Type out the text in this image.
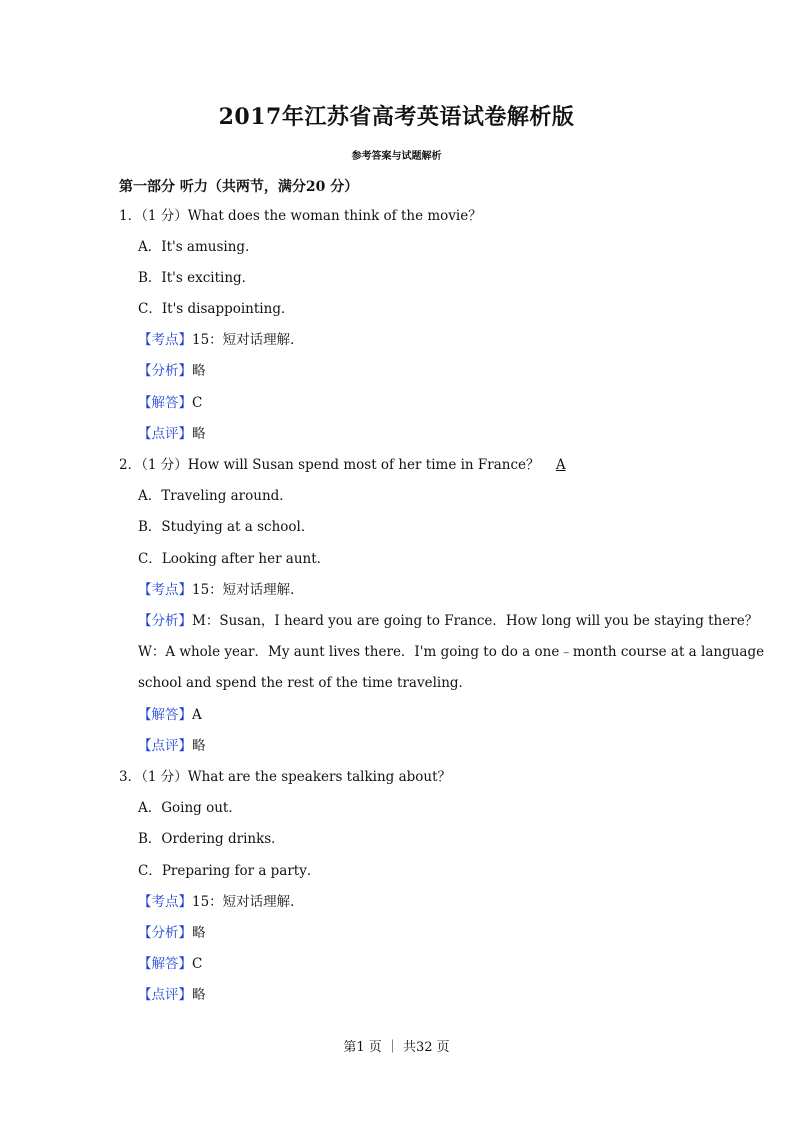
2017年江苏省高考英语试卷解析版
参考答案与试题解析
第一部分 听力（共两节，满分20 分）
1．（1 分）What does the woman think of the movie？
A．It's amusing．
B．It's exciting．
C．It's disappointing．
【考点】15：短对话理解．
【分析】略
【解答】C
【点评】略
2．（1 分）How will Susan spend most of her time in France？ A
A．Traveling around．
B．Studying at a school．
C．Looking after her aunt．
【考点】15：短对话理解．
【分析】M：Susan，I heard you are going to France．How long will you be staying there？
W：A whole year．My aunt lives there．I'm going to do a one﹣month course at a language
school and spend the rest of the time traveling．
【解答】A
【点评】略
3．（1 分）What are the speakers talking about？
A．Going out．
B．Ordering drinks．
C．Preparing for a party．
【考点】15：短对话理解．
【分析】略
【解答】C
【点评】略
第1 页 ｜ 共32 页
